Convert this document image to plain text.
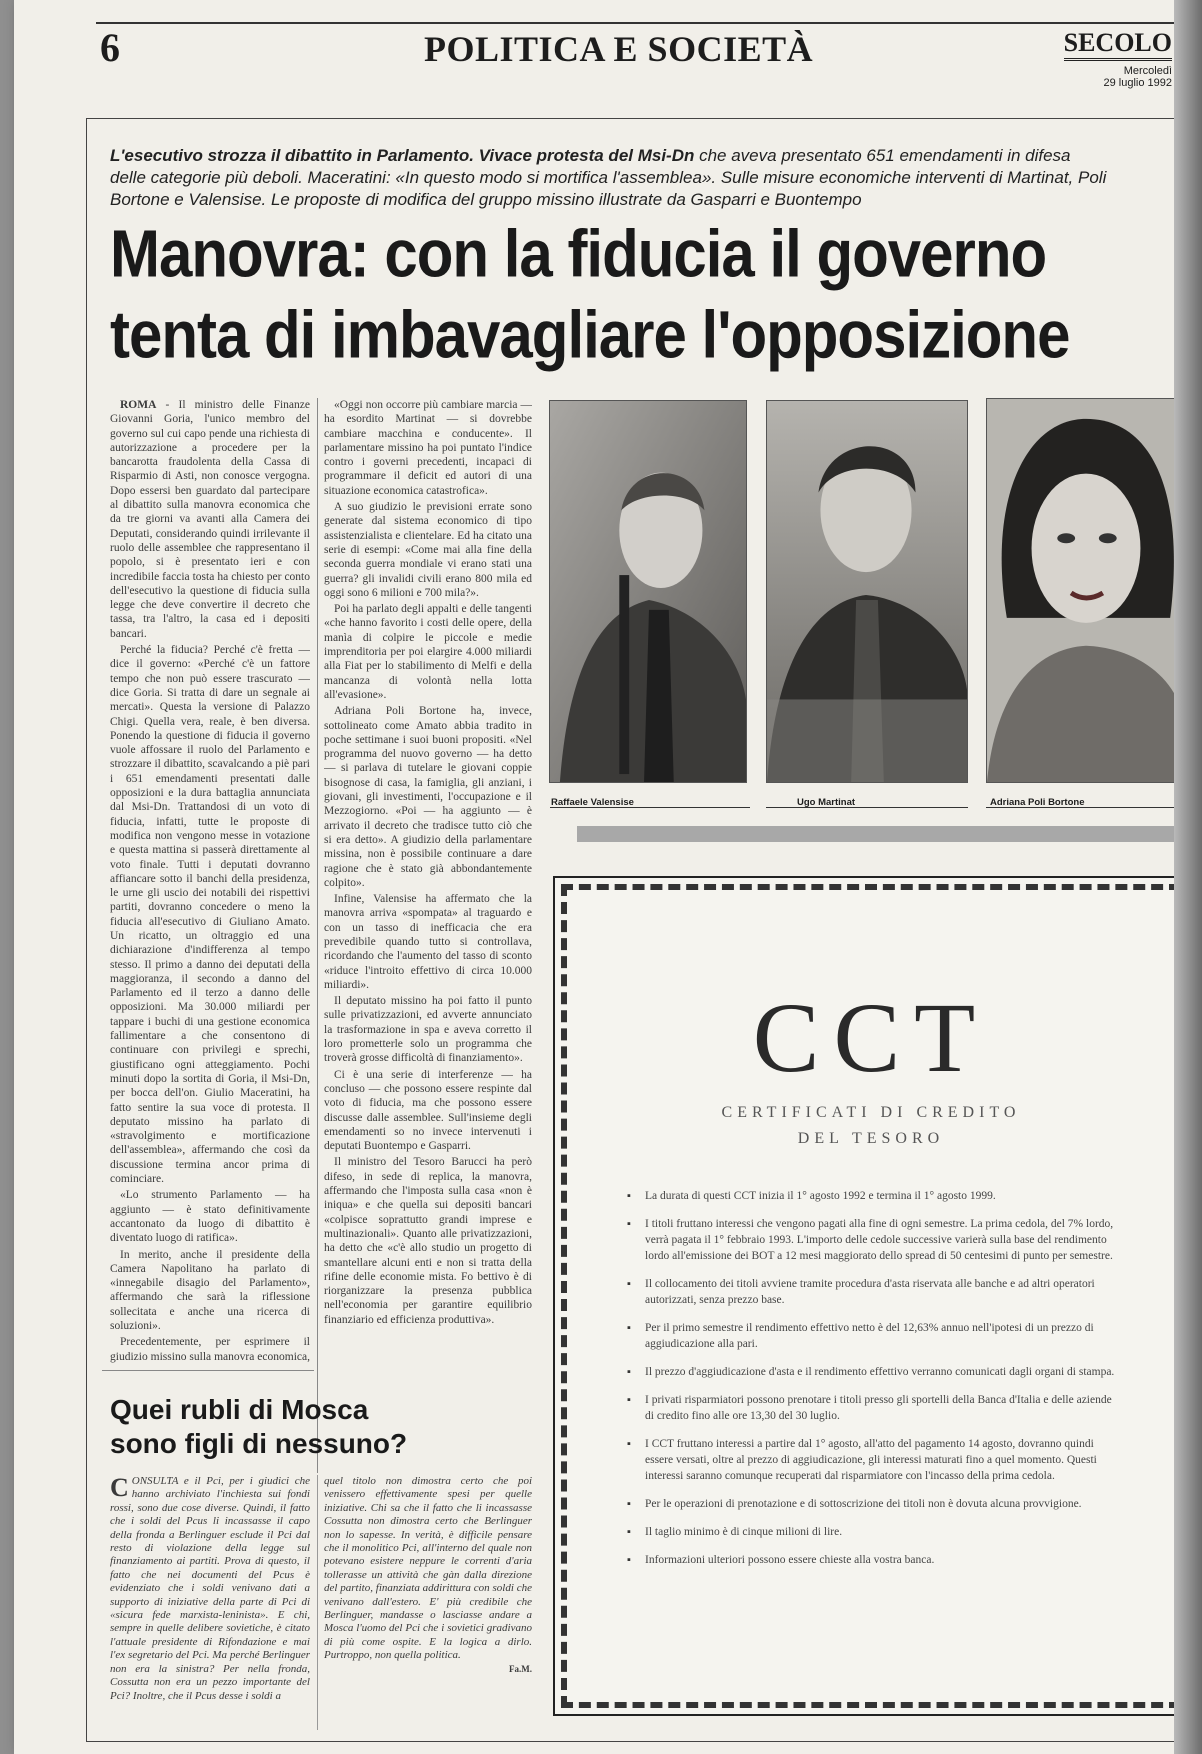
6	POLITICA E SOCIETÀ	SECOLO
Mercoledì
29 luglio 1992
L'esecutivo strozza il dibattito in Parlamento. Vivace protesta del Msi-Dn che aveva presentato 651 emendamenti in difesa delle categorie più deboli. Maceratini: «In questo modo si mortifica l'assemblea». Sulle misure economiche interventi di Martinat, Poli Bortone e Valensise. Le proposte di modifica del gruppo missino illustrate da Gasparri e Buontempo
Manovra: con la fiducia il governo
tenta di imbavagliare l'opposizione

ROMA - Il ministro delle Finanze Giovanni Goria, l'unico membro del governo sul cui capo pende una richiesta di autorizzazione a procedere per la bancarotta fraudolenta della Cassa di Risparmio di Asti, non conosce vergogna. Dopo essersi ben guardato dal partecipare al dibattito sulla manovra economica che da tre giorni va avanti alla Camera dei Deputati, considerando quindi irrilevante il ruolo delle assemblee che rappresentano il popolo, si è presentato ieri e con incredibile faccia tosta ha chiesto per conto dell'esecutivo la questione di fiducia sulla legge che deve convertire il decreto che tassa, tra l'altro, la casa ed i depositi bancari.

Perché la fiducia? Perché c'è fretta — dice il governo: «Perché c'è un fattore tempo che non può essere trascurato — dice Goria. Si tratta di dare un segnale ai mercati». Questa la versione di Palazzo Chigi. Quella vera, reale, è ben diversa. Ponendo la questione di fiducia il governo vuole affossare il ruolo del Parlamento e strozzare il dibattito, scavalcando a piè pari i 651 emendamenti presentati dalle opposizioni e la dura battaglia annunciata dal Msi-Dn. Trattandosi di un voto di fiducia, infatti, tutte le proposte di modifica non vengono messe in votazione e questa mattina si passerà direttamente al voto finale. Tutti i deputati dovranno affiancare sotto il banchi della presidenza, le urne gli uscio dei notabili dei rispettivi partiti, dovranno concedere o meno la fiducia all'esecutivo di Giuliano Amato. Un ricatto, un oltraggio ed una dichiarazione d'indifferenza al tempo stesso. Il primo a danno dei deputati della maggioranza, il secondo a danno del Parlamento ed il terzo a danno delle opposizioni. Ma 30.000 miliardi per tappare i buchi di una gestione economica fallimentare a che consentono di continuare con privilegi e sprechi, giustificano ogni atteggiamento. Pochi minuti dopo la sortita di Goria, il Msi-Dn, per bocca dell'on. Giulio Maceratini, ha fatto sentire la sua voce di protesta. Il deputato missino ha parlato di «stravolgimento e mortificazione dell'assemblea», affermando che così da discussione termina ancor prima di cominciare.

«Lo strumento Parlamento — ha aggiunto — è stato definitivamente accantonato da luogo di dibattito è diventato luogo di ratifica».

In merito, anche il presidente della Camera Napolitano ha parlato di «innegabile disagio del Parlamento», affermando che sarà la riflessione sollecitata e anche una ricerca di soluzioni».

Precedentemente, per esprimere il giudizio missino sulla manovra economica,

«Oggi non occorre più cambiare marcia — ha esordito Martinat — si dovrebbe cambiare macchina e conducente». Il parlamentare missino ha poi puntato l'indice contro i governi precedenti, incapaci di programmare il deficit ed autori di una situazione economica catastrofica».

A suo giudizio le previsioni errate sono generate dal sistema economico di tipo assistenzialista e clientelare. Ed ha citato una serie di esempi: «Come mai alla fine della seconda guerra mondiale vi erano stati una guerra? gli invalidi civili erano 800 mila ed oggi sono 6 milioni e 700 mila?».

Poi ha parlato degli appalti e delle tangenti «che hanno favorito i costi delle opere, della manìa di colpire le piccole e medie imprenditoria per poi elargire 4.000 miliardi alla Fiat per lo stabilimento di Melfi e della mancanza di volontà nella lotta all'evasione».

Adriana Poli Bortone ha, invece, sottolineato come Amato abbia tradito in poche settimane i suoi buoni propositi. «Nel programma del nuovo governo — ha detto — si parlava di tutelare le giovani coppie bisognose di casa, la famiglia, gli anziani, i giovani, gli investimenti, l'occupazione e il Mezzogiorno. «Poi — ha aggiunto — è arrivato il decreto che tradisce tutto ciò che si era detto». A giudizio della parlamentare missina, non è possibile continuare a dare ragione che è stato già abbondantemente colpito».

Infine, Valensise ha affermato che la manovra arriva «spompata» al traguardo e con un tasso di inefficacia che era prevedibile quando tutto si controllava, ricordando che l'aumento del tasso di sconto «riduce l'introito effettivo di circa 10.000 miliardi».

Il deputato missino ha poi fatto il punto sulle privatizzazioni, ed avverte annunciato la trasformazione in spa e aveva corretto il loro prometterle solo un programma che troverà grosse difficoltà di finanziamento».

Ci è una serie di interferenze — ha concluso — che possono essere respinte dal voto di fiducia, ma che possono essere discusse dalle assemblee. Sull'insieme degli emendamenti so no invece intervenuti i deputati Buontempo e Gasparri.

Il ministro del Tesoro Barucci ha però difeso, in sede di replica, la manovra, affermando che l'imposta sulla casa «non è iniqua» e che quella sui depositi bancari «colpisce soprattutto grandi imprese e multinazionali». Quanto alle privatizzazioni, ha detto che «c'è allo studio un progetto di smantellare alcuni enti e non si tratta della rifine delle economie mista. Fo bettivo è di riorganizzare la presenza pubblica nell'economia per garantire equilibrio finanziario ed efficienza produttiva».

Raffaele Valensise	Ugo Martinat	Adriana Poli Bortone
CCT
CERTIFICATI DI CREDITO
DEL TESORO
▪ La durata di questi CCT inizia il 1° agosto 1992 e termina il 1° agosto 1999.
▪ I titoli fruttano interessi che vengono pagati alla fine di ogni semestre. La prima cedola, del 7% lordo, verrà pagata il 1° febbraio 1993. L'importo delle cedole successive varierà sulla base del rendimento lordo all'emissione dei BOT a 12 mesi maggiorato dello spread di 50 centesimi di punto per semestre.
▪ Il collocamento dei titoli avviene tramite procedura d'asta riservata alle banche e ad altri operatori autorizzati, senza prezzo base.
▪ Per il primo semestre il rendimento effettivo netto è del 12,63% annuo nell'ipotesi di un prezzo di aggiudicazione alla pari.
▪ Il prezzo d'aggiudicazione d'asta e il rendimento effettivo verranno comunicati dagli organi di stampa.
▪ I privati risparmiatori possono prenotare i titoli presso gli sportelli della Banca d'Italia e delle aziende di credito fino alle ore 13,30 del 30 luglio.
▪ I CCT fruttano interessi a partire dal 1° agosto, all'atto del pagamento 14 agosto, dovranno quindi essere versati, oltre al prezzo di aggiudicazione, gli interessi maturati fino a quel momento. Questi interessi saranno comunque recuperati dal risparmiatore con l'incasso della prima cedola.
▪ Per le operazioni di prenotazione e di sottoscrizione dei titoli non è dovuta alcuna provvigione.
▪ Il taglio minimo è di cinque milioni di lire.
▪ Informazioni ulteriori possono essere chieste alla vostra banca.
Quei rubli di Mosca
sono figli di nessuno?
CONSULTA e il Pci, per i giudici che hanno archiviato l'inchiesta sui fondi rossi, sono due cose diverse. Quindi, il fatto che i soldi del Pcus li incassasse il capo della fronda a Berlinguer esclude il Pci dal resto di violazione della legge sul finanziamento ai partiti. Prova di questo, il fatto che nei documenti del Pcus è evidenziato che i soldi venivano dati a supporto di iniziative della parte di Pci di «sicura fede marxista-leninista». E chi, sempre in quelle delibere sovietiche, è citato l'attuale presidente di Rifondazione e mai l'ex segretario del Pci. Ma perché Berlinguer non era la sinistra? Per nella fronda, Cossutta non era un pezzo importante del Pci? Inoltre, che il Pcus desse i soldi a
quel titolo non dimostra certo che poi venissero effettivamente spesi per quelle iniziative. Chi sa che il fatto che li incassasse Cossutta non dimostra certo che Berlinguer non lo sapesse. In verità, è difficile pensare che il monolitico Pci, all'interno del quale non potevano esistere neppure le correnti d'aria tollerasse un attività che gàn dalla direzione del partito, finanziata addirittura con soldi che venivano dall'estero. E' più credibile che Berlinguer, mandasse o lasciasse andare a Mosca l'uomo del Pci che i sovietici gradivano di più come ospite. E la logica a dirlo. Purtroppo, non quella politica.
Fa.M.
